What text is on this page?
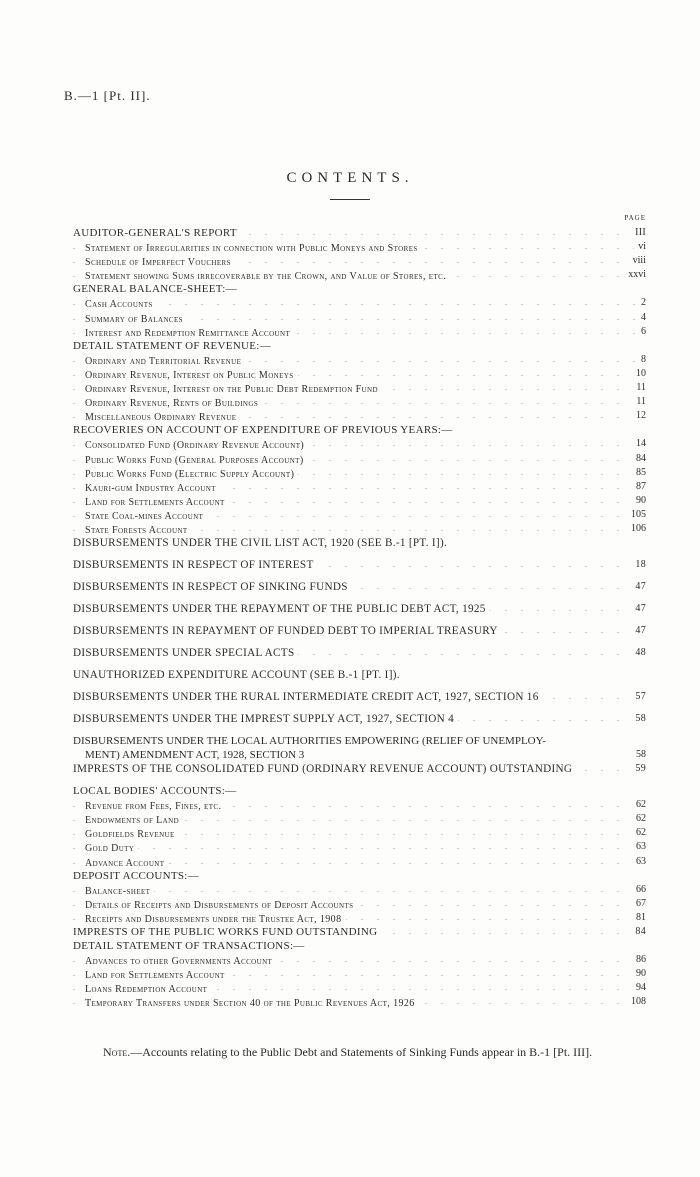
B.—1 [Pt. II].
CONTENTS.
PAGE
. . . AUDITOR-GENERAL'S REPORT	III
. . . Statement of Irregularities in connection with Public Moneys and Stores	vi
. . . Schedule of Imperfect Vouchers	viii
. . . Statement showing Sums irrecoverable by the Crown, and Value of Stores, etc.	xxvi
GENERAL BALANCE-SHEET:—
. . . Cash Accounts	2
. . . Summary of Balances	4
. . . Interest and Redemption Remittance Account	6
DETAIL STATEMENT OF REVENUE:—
. . . Ordinary and Territorial Revenue	8
. . . Ordinary Revenue, Interest on Public Moneys	10
. . . Ordinary Revenue, Interest on the Public Debt Redemption Fund	11
. . . Ordinary Revenue, Rents of Buildings	11
. . . Miscellaneous Ordinary Revenue	12
RECOVERIES ON ACCOUNT OF EXPENDITURE OF PREVIOUS YEARS:—
. . . Consolidated Fund (Ordinary Revenue Account)	14
. . . Public Works Fund (General Purposes Account)	84
. . . Public Works Fund (Electric Supply Account)	85
. . . Kauri-gum Industry Account	87
. . . Land for Settlements Account	90
. . . State Coal-mines Account	105
. . . State Forests Account	106
DISBURSEMENTS UNDER THE CIVIL LIST ACT, 1920 (SEE B.-1 [PT. I]).
. . . DISBURSEMENTS IN RESPECT OF INTEREST	18
. . . DISBURSEMENTS IN RESPECT OF SINKING FUNDS	47
. . . DISBURSEMENTS UNDER THE REPAYMENT OF THE PUBLIC DEBT ACT, 1925	47
. . . DISBURSEMENTS IN REPAYMENT OF FUNDED DEBT TO IMPERIAL TREASURY	47
. . . DISBURSEMENTS UNDER SPECIAL ACTS	48
UNAUTHORIZED EXPENDITURE ACCOUNT (SEE B.-1 [PT. I]).
. . . DISBURSEMENTS UNDER THE RURAL INTERMEDIATE CREDIT ACT, 1927, SECTION 16	57
. . . DISBURSEMENTS UNDER THE IMPREST SUPPLY ACT, 1927, SECTION 4	58
DISBURSEMENTS UNDER THE LOCAL AUTHORITIES EMPOWERING (RELIEF OF UNEMPLOY-
MENT) AMENDMENT ACT, 1928, SECTION 3	58
. . . IMPRESTS OF THE CONSOLIDATED FUND (ORDINARY REVENUE ACCOUNT) OUTSTANDING	59
LOCAL BODIES' ACCOUNTS:—
. . . Revenue from Fees, Fines, etc.	62
. . . Endowments of Land	62
. . . Goldfields Revenue	62
. . . Gold Duty	63
. . . Advance Account	63
DEPOSIT ACCOUNTS:—
. . . Balance-sheet	66
. . . Details of Receipts and Disbursements of Deposit Accounts	67
. . . Receipts and Disbursements under the Trustee Act, 1908	81
. . . IMPRESTS OF THE PUBLIC WORKS FUND OUTSTANDING	84
DETAIL STATEMENT OF TRANSACTIONS:—
. . . Advances to other Governments Account	86
. . . Land for Settlements Account	90
. . . Loans Redemption Account	94
. . . Temporary Transfers under Section 40 of the Public Revenues Act, 1926	108
Note.—Accounts relating to the Public Debt and Statements of Sinking Funds appear in B.-1 [Pt. III].
